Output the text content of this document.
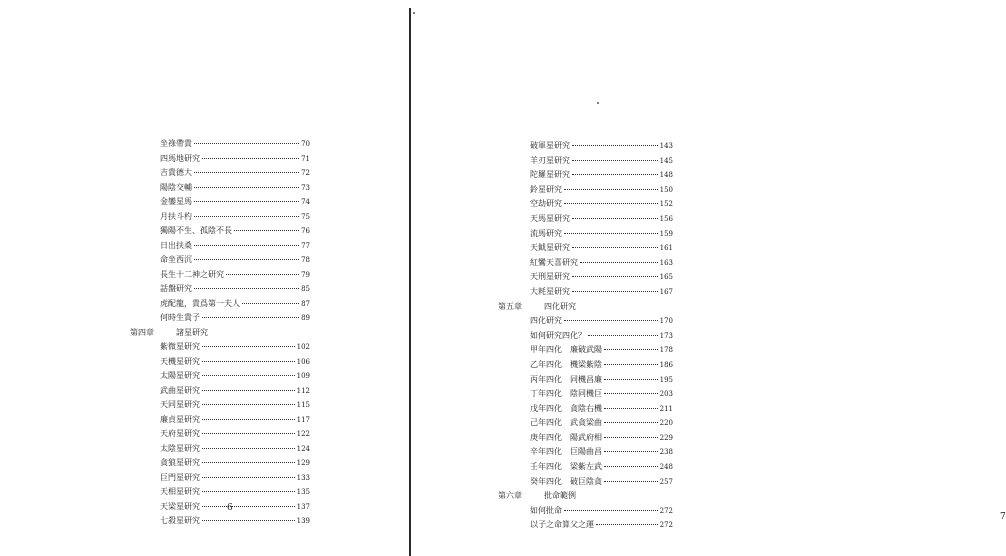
坐祿帶貴	70
四馬地研究	71
吉貴德大	72
陽陰交輔	73
金鑾星馬	74
月扶斗杓	75
獨陽不生、孤陰不長	76
日出扶桑	77
命坐西沉	78
長生十二神之研究	79
話盤研究	85
虎配龍，貴爲第一夫人	87
何時生貴子	89
第四章	諸星研究
紫微星研究	102
天機星研究	106
太陽星研究	109
武曲星研究	112
天同星研究	115
廉貞星研究	117
天府星研究	122
太陰星研究	124
貪狼星研究	129
巨門星研究	133
天相星研究	135
天梁星研究	137
七殺星研究	139
6
7
破軍星研究	143
羊刃星研究	145
陀羅星研究	148
鈴星研究	150
空劫研究	152
天馬星研究	156
流馬研究	159
天鉞星研究	161
紅鸞天喜研究	163
天刑星研究	165
大耗星研究	167
第五章	四化研究
四化研究	170
如何研究四化？	173
甲年四化　廉破武陽	178
乙年四化　機梁紫陰	186
丙年四化　同機昌廉	195
丁年四化　陰同機巨	203
戊年四化　貪陰右機	211
己年四化　武貪梁曲	220
庚年四化　陽武府相	229
辛年四化　巨陽曲昌	238
壬年四化　梁紫左武	248
癸年四化　破巨陰貪	257
第六章	批命範例
如何批命	272
以子之命算父之運	272
